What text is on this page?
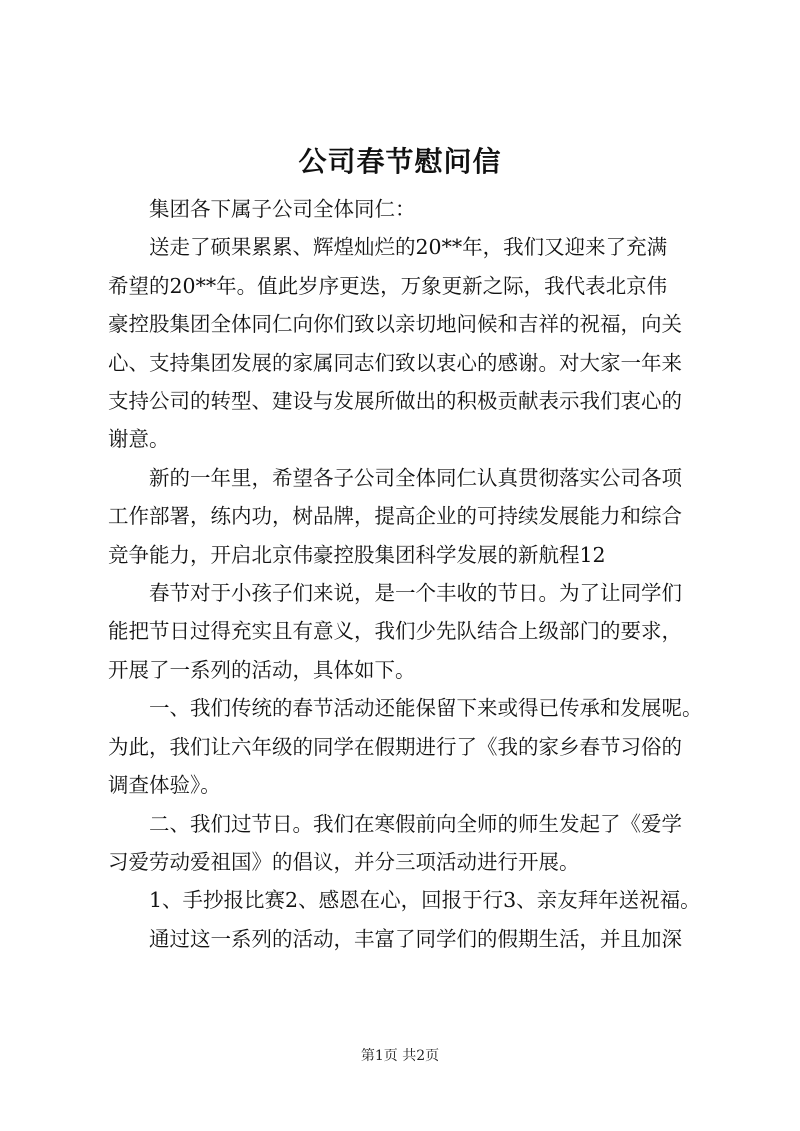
公司春节慰问信
集团各下属子公司全体同仁：
送走了硕果累累、辉煌灿烂的20**年，我们又迎来了充满
希望的20**年。值此岁序更迭，万象更新之际，我代表北京伟
豪控股集团全体同仁向你们致以亲切地问候和吉祥的祝福，向关
心、支持集团发展的家属同志们致以衷心的感谢。对大家一年来
支持公司的转型、建设与发展所做出的积极贡献表示我们衷心的
谢意。
新的一年里，希望各子公司全体同仁认真贯彻落实公司各项
工作部署，练内功，树品牌，提高企业的可持续发展能力和综合
竞争能力，开启北京伟豪控股集团科学发展的新航程12
春节对于小孩子们来说，是一个丰收的节日。为了让同学们
能把节日过得充实且有意义，我们少先队结合上级部门的要求，
开展了一系列的活动，具体如下。
一、我们传统的春节活动还能保留下来或得已传承和发展呢。
为此，我们让六年级的同学在假期进行了《我的家乡春节习俗的
调查体验》。
二、我们过节日。我们在寒假前向全师的师生发起了《爱学
习爱劳动爱祖国》的倡议，并分三项活动进行开展。
1、手抄报比赛2、感恩在心，回报于行3、亲友拜年送祝福。
通过这一系列的活动，丰富了同学们的假期生活，并且加深
第1页 共2页
